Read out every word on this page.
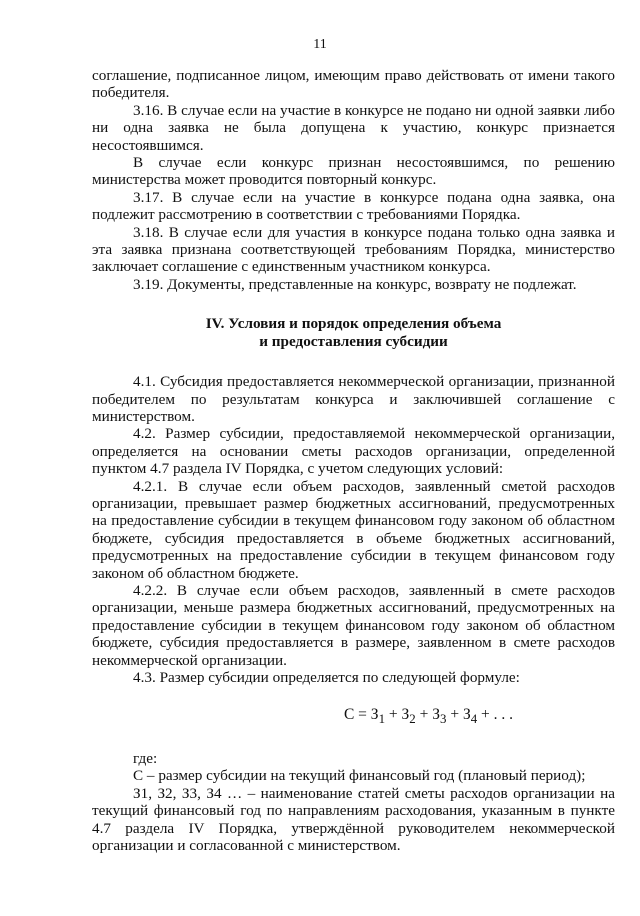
11

соглашение, подписанное лицом, имеющим право действовать от имени такого победителя.

3.16. В случае если на участие в конкурсе не подано ни одной заявки либо ни одна заявка не была допущена к участию, конкурс признается несостоявшимся.

В случае если конкурс признан несостоявшимся, по решению министерства может проводится повторный конкурс.

3.17. В случае если на участие в конкурсе подана одна заявка, она подлежит рассмотрению в соответствии с требованиями Порядка.

3.18. В случае если для участия в конкурсе подана только одна заявка и эта заявка признана соответствующей требованиям Порядка, министерство заключает соглашение с единственным участником конкурса.

3.19. Документы, представленные на конкурс, возврату не подлежат.

IV. Условия и порядок определения объема
и предоставления субсидии

4.1. Субсидия предоставляется некоммерческой организации, признанной победителем по результатам конкурса и заключившей соглашение с министерством.

4.2. Размер субсидии, предоставляемой некоммерческой организации, определяется на основании сметы расходов организации, определенной пунктом 4.7 раздела IV Порядка, с учетом следующих условий:

4.2.1. В случае если объем расходов, заявленный сметой расходов организации, превышает размер бюджетных ассигнований, предусмотренных на предоставление субсидии в текущем финансовом году законом об областном бюджете, субсидия предоставляется в объеме бюджетных ассигнований, предусмотренных на предоставление субсидии в текущем финансовом году законом об областном бюджете.

4.2.2. В случае если объем расходов, заявленный в смете расходов организации, меньше размера бюджетных ассигнований, предусмотренных на предоставление субсидии в текущем финансовом году законом об областном бюджете, субсидия предоставляется в размере, заявленном в смете расходов некоммерческой организации.

4.3. Размер субсидии определяется по следующей формуле:

$С = З_1 + З_2 + З_3 + З_4$ + . . .

где:

С – размер субсидии на текущий финансовый год (плановый период);

З1, З2, З3, З4 … – наименование статей сметы расходов организации на текущий финансовый год по направлениям расходования, указанным в пункте 4.7 раздела IV Порядка, утверждённой руководителем некоммерческой организации и согласованной с министерством.
